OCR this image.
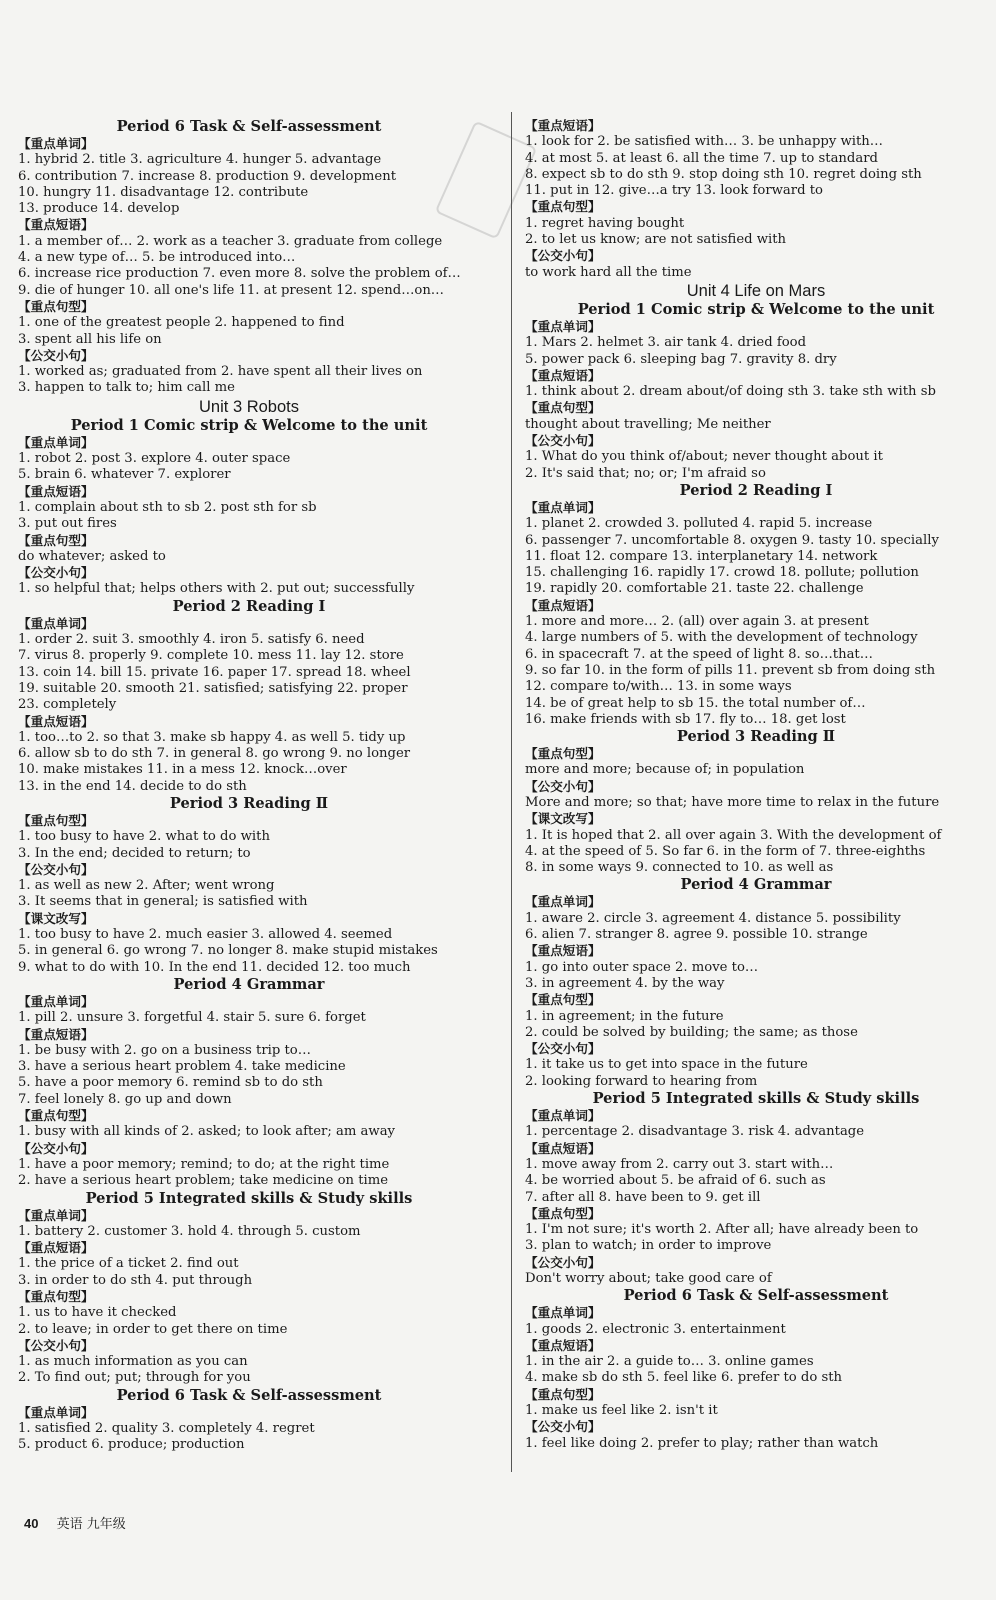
Period 6 Task & Self-assessment
【重点单词】
1. hybrid 2. title 3. agriculture 4. hunger 5. advantage
6. contribution 7. increase 8. production 9. development
10. hungry 11. disadvantage 12. contribute
13. produce 14. develop
【重点短语】
1. a member of… 2. work as a teacher 3. graduate from college
4. a new type of… 5. be introduced into…
6. increase rice production 7. even more 8. solve the problem of…
9. die of hunger 10. all one's life 11. at present 12. spend…on…
【重点句型】
1. one of the greatest people 2. happened to find
3. spent all his life on
【公交小句】
1. worked as; graduated from 2. have spent all their lives on
3. happen to talk to; him call me
Unit 3 Robots
Period 1 Comic strip & Welcome to the unit
【重点单词】
1. robot 2. post 3. explore 4. outer space
5. brain 6. whatever 7. explorer
【重点短语】
1. complain about sth to sb 2. post sth for sb
3. put out fires
【重点句型】
do whatever; asked to
【公交小句】
1. so helpful that; helps others with 2. put out; successfully
Period 2 Reading Ⅰ
【重点单词】
1. order 2. suit 3. smoothly 4. iron 5. satisfy 6. need
7. virus 8. properly 9. complete 10. mess 11. lay 12. store
13. coin 14. bill 15. private 16. paper 17. spread 18. wheel
19. suitable 20. smooth 21. satisfied; satisfying 22. proper
23. completely
【重点短语】
1. too…to 2. so that 3. make sb happy 4. as well 5. tidy up
6. allow sb to do sth 7. in general 8. go wrong 9. no longer
10. make mistakes 11. in a mess 12. knock…over
13. in the end 14. decide to do sth
Period 3 Reading Ⅱ
【重点句型】
1. too busy to have 2. what to do with
3. In the end; decided to return; to
【公交小句】
1. as well as new 2. After; went wrong
3. It seems that in general; is satisfied with
【课文改写】
1. too busy to have 2. much easier 3. allowed 4. seemed
5. in general 6. go wrong 7. no longer 8. make stupid mistakes
9. what to do with 10. In the end 11. decided 12. too much
Period 4 Grammar
【重点单词】
1. pill 2. unsure 3. forgetful 4. stair 5. sure 6. forget
【重点短语】
1. be busy with 2. go on a business trip to…
3. have a serious heart problem 4. take medicine
5. have a poor memory 6. remind sb to do sth
7. feel lonely 8. go up and down
【重点句型】
1. busy with all kinds of 2. asked; to look after; am away
【公交小句】
1. have a poor memory; remind; to do; at the right time
2. have a serious heart problem; take medicine on time
Period 5 Integrated skills & Study skills
【重点单词】
1. battery 2. customer 3. hold 4. through 5. custom
【重点短语】
1. the price of a ticket 2. find out
3. in order to do sth 4. put through
【重点句型】
1. us to have it checked
2. to leave; in order to get there on time
【公交小句】
1. as much information as you can
2. To find out; put; through for you
Period 6 Task & Self-assessment
【重点单词】
1. satisfied 2. quality 3. completely 4. regret
5. product 6. produce; production
【重点短语】
1. look for 2. be satisfied with… 3. be unhappy with…
4. at most 5. at least 6. all the time 7. up to standard
8. expect sb to do sth 9. stop doing sth 10. regret doing sth
11. put in 12. give…a try 13. look forward to
【重点句型】
1. regret having bought
2. to let us know; are not satisfied with
【公交小句】
to work hard all the time
Unit 4 Life on Mars
Period 1 Comic strip & Welcome to the unit
【重点单词】
1. Mars 2. helmet 3. air tank 4. dried food
5. power pack 6. sleeping bag 7. gravity 8. dry
【重点短语】
1. think about 2. dream about/of doing sth 3. take sth with sb
【重点句型】
thought about travelling; Me neither
【公交小句】
1. What do you think of/about; never thought about it
2. It's said that; no; or; I'm afraid so
Period 2 Reading Ⅰ
【重点单词】
1. planet 2. crowded 3. polluted 4. rapid 5. increase
6. passenger 7. uncomfortable 8. oxygen 9. tasty 10. specially
11. float 12. compare 13. interplanetary 14. network
15. challenging 16. rapidly 17. crowd 18. pollute; pollution
19. rapidly 20. comfortable 21. taste 22. challenge
【重点短语】
1. more and more… 2. (all) over again 3. at present
4. large numbers of 5. with the development of technology
6. in spacecraft 7. at the speed of light 8. so…that…
9. so far 10. in the form of pills 11. prevent sb from doing sth
12. compare to/with… 13. in some ways
14. be of great help to sb 15. the total number of…
16. make friends with sb 17. fly to… 18. get lost
Period 3 Reading Ⅱ
【重点句型】
more and more; because of; in population
【公交小句】
More and more; so that; have more time to relax in the future
【课文改写】
1. It is hoped that 2. all over again 3. With the development of
4. at the speed of 5. So far 6. in the form of 7. three-eighths
8. in some ways 9. connected to 10. as well as
Period 4 Grammar
【重点单词】
1. aware 2. circle 3. agreement 4. distance 5. possibility
6. alien 7. stranger 8. agree 9. possible 10. strange
【重点短语】
1. go into outer space 2. move to…
3. in agreement 4. by the way
【重点句型】
1. in agreement; in the future
2. could be solved by building; the same; as those
【公交小句】
1. it take us to get into space in the future
2. looking forward to hearing from
Period 5 Integrated skills & Study skills
【重点单词】
1. percentage 2. disadvantage 3. risk 4. advantage
【重点短语】
1. move away from 2. carry out 3. start with…
4. be worried about 5. be afraid of 6. such as
7. after all 8. have been to 9. get ill
【重点句型】
1. I'm not sure; it's worth 2. After all; have already been to
3. plan to watch; in order to improve
【公交小句】
Don't worry about; take good care of
Period 6 Task & Self-assessment
【重点单词】
1. goods 2. electronic 3. entertainment
【重点短语】
1. in the air 2. a guide to… 3. online games
4. make sb do sth 5. feel like 6. prefer to do sth
【重点句型】
1. make us feel like 2. isn't it
【公交小句】
1. feel like doing 2. prefer to play; rather than watch
40 英语 九年级
